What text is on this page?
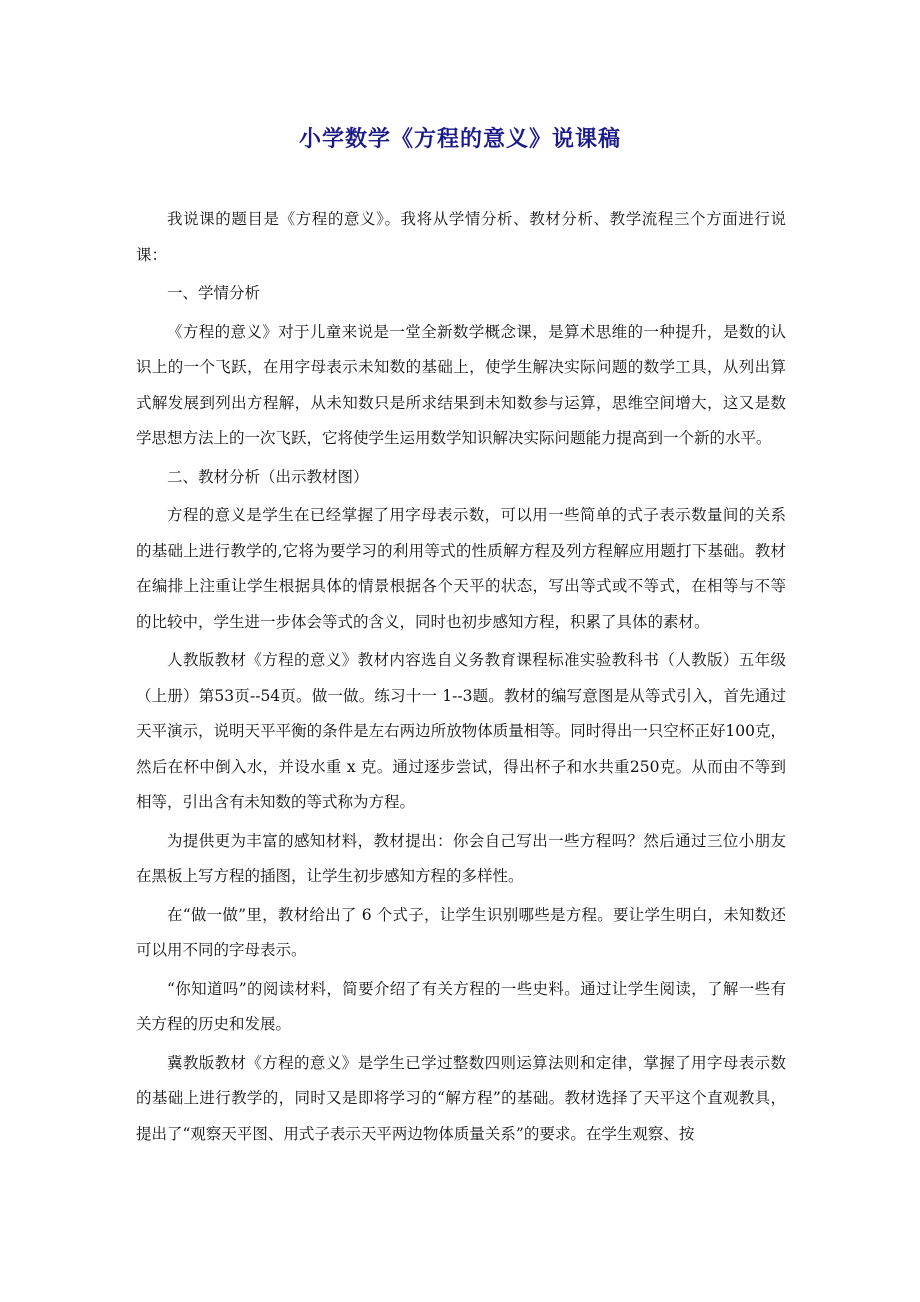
小学数学《方程的意义》说课稿

我说课的题目是《方程的意义》。我将从学情分析、教材分析、教学流程三个方面进行说课：

一、学情分析

《方程的意义》对于儿童来说是一堂全新数学概念课，是算术思维的一种提升，是数的认识上的一个飞跃，在用字母表示未知数的基础上，使学生解决实际问题的数学工具，从列出算式解发展到列出方程解，从未知数只是所求结果到未知数参与运算，思维空间增大，这又是数学思想方法上的一次飞跃，它将使学生运用数学知识解决实际问题能力提高到一个新的水平。

二、教材分析（出示教材图）

方程的意义是学生在已经掌握了用字母表示数，可以用一些简单的式子表示数量间的关系的基础上进行教学的,它将为要学习的利用等式的性质解方程及列方程解应用题打下基础。教材在编排上注重让学生根据具体的情景根据各个天平的状态，写出等式或不等式，在相等与不等的比较中，学生进一步体会等式的含义，同时也初步感知方程，积累了具体的素材。

人教版教材《方程的意义》教材内容选自义务教育课程标准实验教科书（人教版）五年级（上册）第53页--54页。做一做。练习十一 1--3题。教材的编写意图是从等式引入，首先通过天平演示，说明天平平衡的条件是左右两边所放物体质量相等。同时得出一只空杯正好100克，然后在杯中倒入水，并设水重 x 克。通过逐步尝试，得出杯子和水共重250克。从而由不等到相等，引出含有未知数的等式称为方程。

为提供更为丰富的感知材料，教材提出：你会自己写出一些方程吗？然后通过三位小朋友在黑板上写方程的插图，让学生初步感知方程的多样性。

在“做一做”里，教材给出了 6 个式子，让学生识别哪些是方程。要让学生明白，未知数还可以用不同的字母表示。

“你知道吗”的阅读材料，简要介绍了有关方程的一些史料。通过让学生阅读，了解一些有关方程的历史和发展。

冀教版教材《方程的意义》是学生已学过整数四则运算法则和定律，掌握了用字母表示数的基础上进行教学的，同时又是即将学习的“解方程”的基础。教材选择了天平这个直观教具，提出了“观察天平图、用式子表示天平两边物体质量关系”的要求。在学生观察、按
